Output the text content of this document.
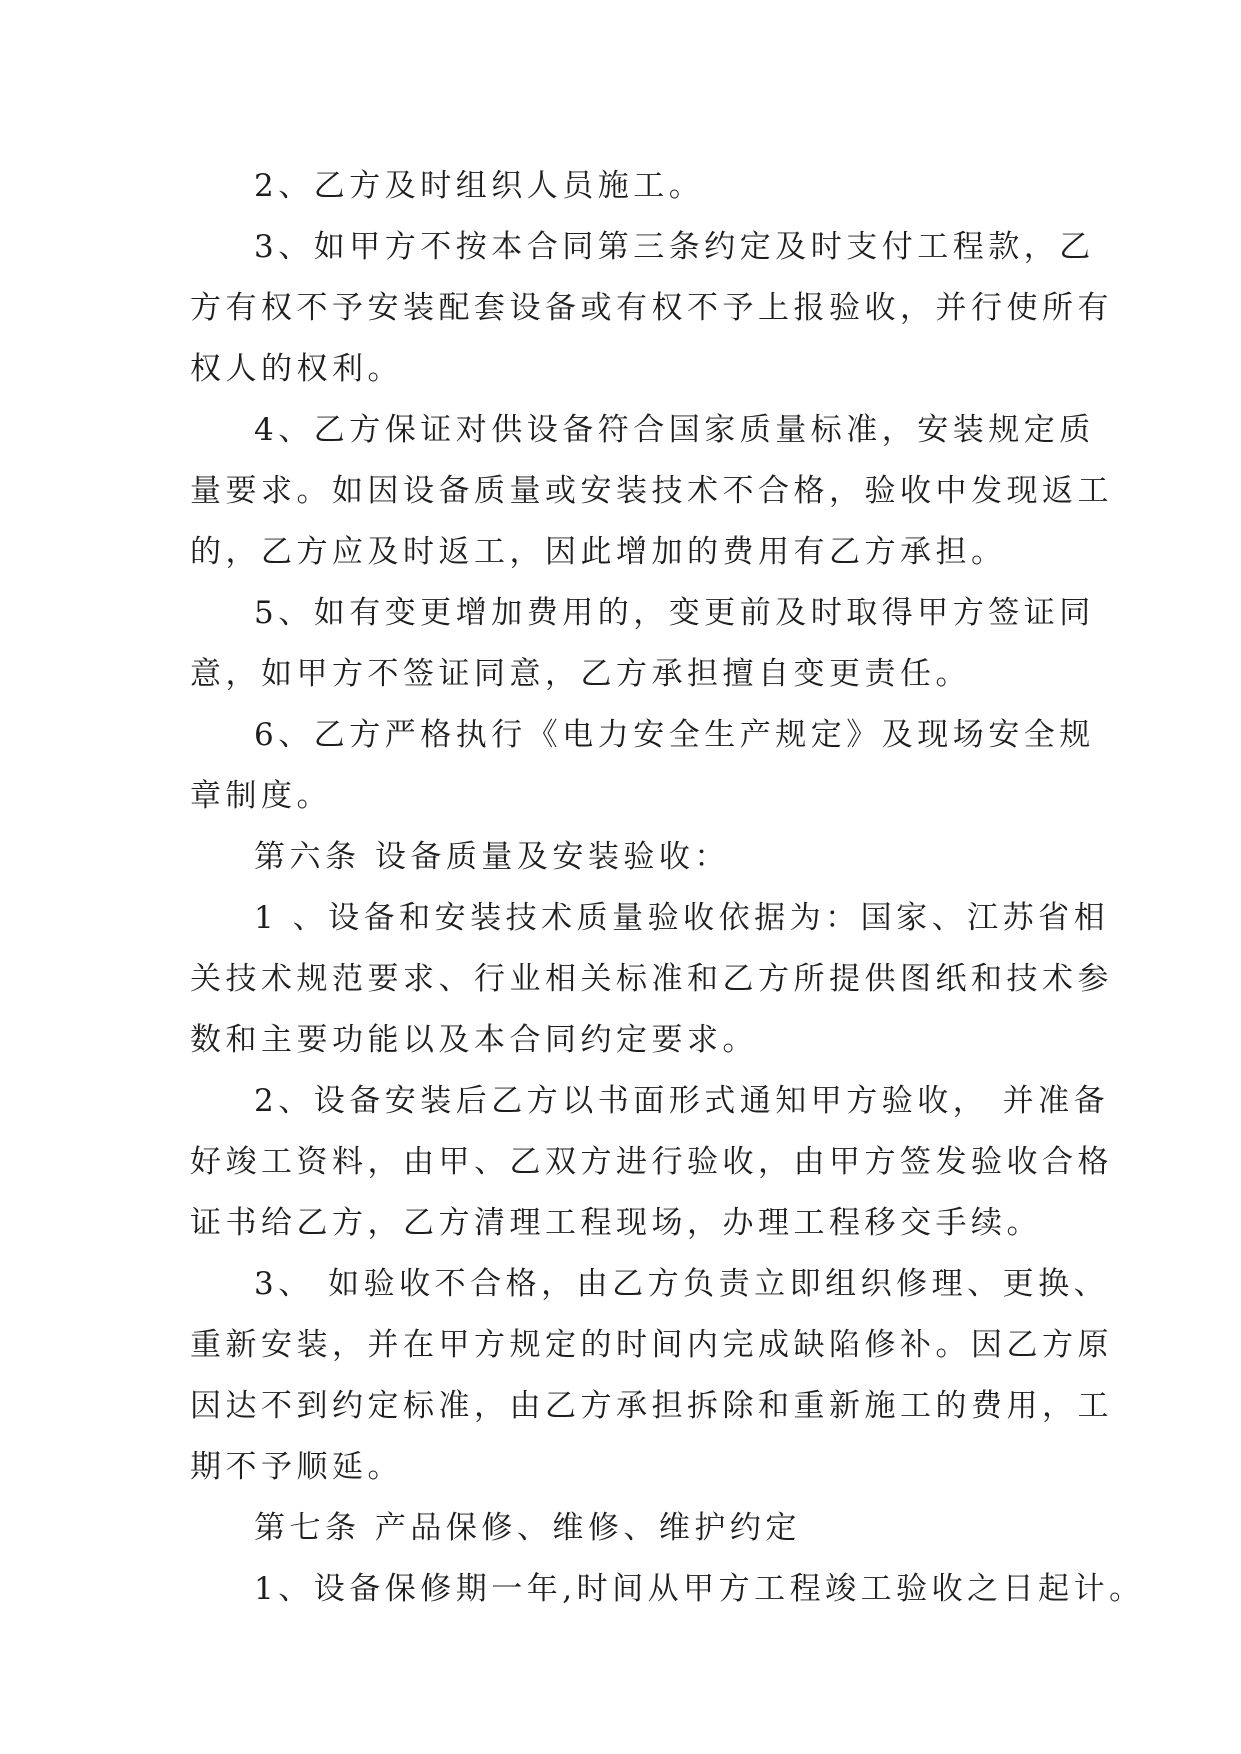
2、乙方及时组织人员施工。
3、如甲方不按本合同第三条约定及时支付工程款，乙
方有权不予安装配套设备或有权不予上报验收，并行使所有
权人的权利。
4、乙方保证对供设备符合国家质量标准，安装规定质
量要求。如因设备质量或安装技术不合格，验收中发现返工
的，乙方应及时返工，因此增加的费用有乙方承担。
5、如有变更增加费用的，变更前及时取得甲方签证同
意，如甲方不签证同意，乙方承担擅自变更责任。
6、乙方严格执行《电力安全生产规定》及现场安全规
章制度。
第六条 设备质量及安装验收：
1 、设备和安装技术质量验收依据为：国家、江苏省相
关技术规范要求、行业相关标准和乙方所提供图纸和技术参
数和主要功能以及本合同约定要求。
2、设备安装后乙方以书面形式通知甲方验收， 并准备
好竣工资料，由甲、乙双方进行验收，由甲方签发验收合格
证书给乙方，乙方清理工程现场，办理工程移交手续。
3、 如验收不合格，由乙方负责立即组织修理、更换、
重新安装，并在甲方规定的时间内完成缺陷修补。因乙方原
因达不到约定标准，由乙方承担拆除和重新施工的费用，工
期不予顺延。
第七条 产品保修、维修、维护约定
1、设备保修期一年,时间从甲方工程竣工验收之日起计。
